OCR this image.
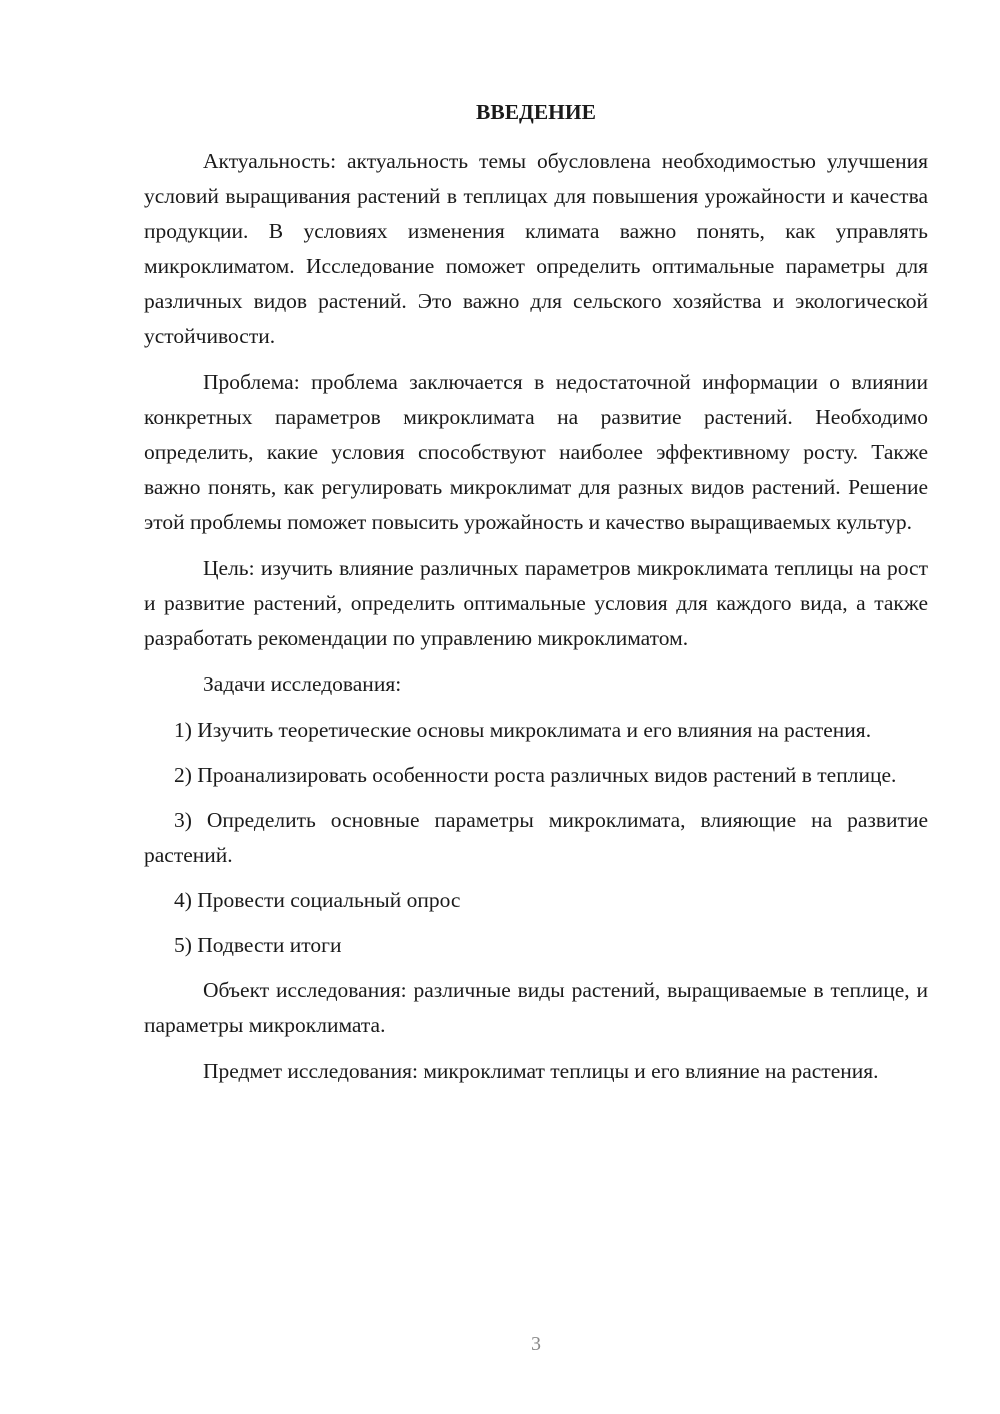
ВВЕДЕНИЕ

Актуальность: актуальность темы обусловлена необходимостью улучшения условий выращивания растений в теплицах для повышения урожайности и качества продукции. В условиях изменения климата важно понять, как управлять микроклиматом. Исследование поможет определить оптимальные параметры для различных видов растений. Это важно для сельского хозяйства и экологической устойчивости.

Проблема: проблема заключается в недостаточной информации о влиянии конкретных параметров микроклимата на развитие растений. Необходимо определить, какие условия способствуют наиболее эффективному росту. Также важно понять, как регулировать микроклимат для разных видов растений. Решение этой проблемы поможет повысить урожайность и качество выращиваемых культур.

Цель: изучить влияние различных параметров микроклимата теплицы на рост и развитие растений, определить оптимальные условия для каждого вида, а также разработать рекомендации по управлению микроклиматом.

Задачи исследования:

1) Изучить теоретические основы микроклимата и его влияния на растения.

2) Проанализировать особенности роста различных видов растений в теплице.

3) Определить основные параметры микроклимата, влияющие на развитие растений.

4) Провести социальный опрос

5) Подвести итоги

Объект исследования: различные виды растений, выращиваемые в теплице, и параметры микроклимата.

Предмет исследования: микроклимат теплицы и его влияние на растения.

3
